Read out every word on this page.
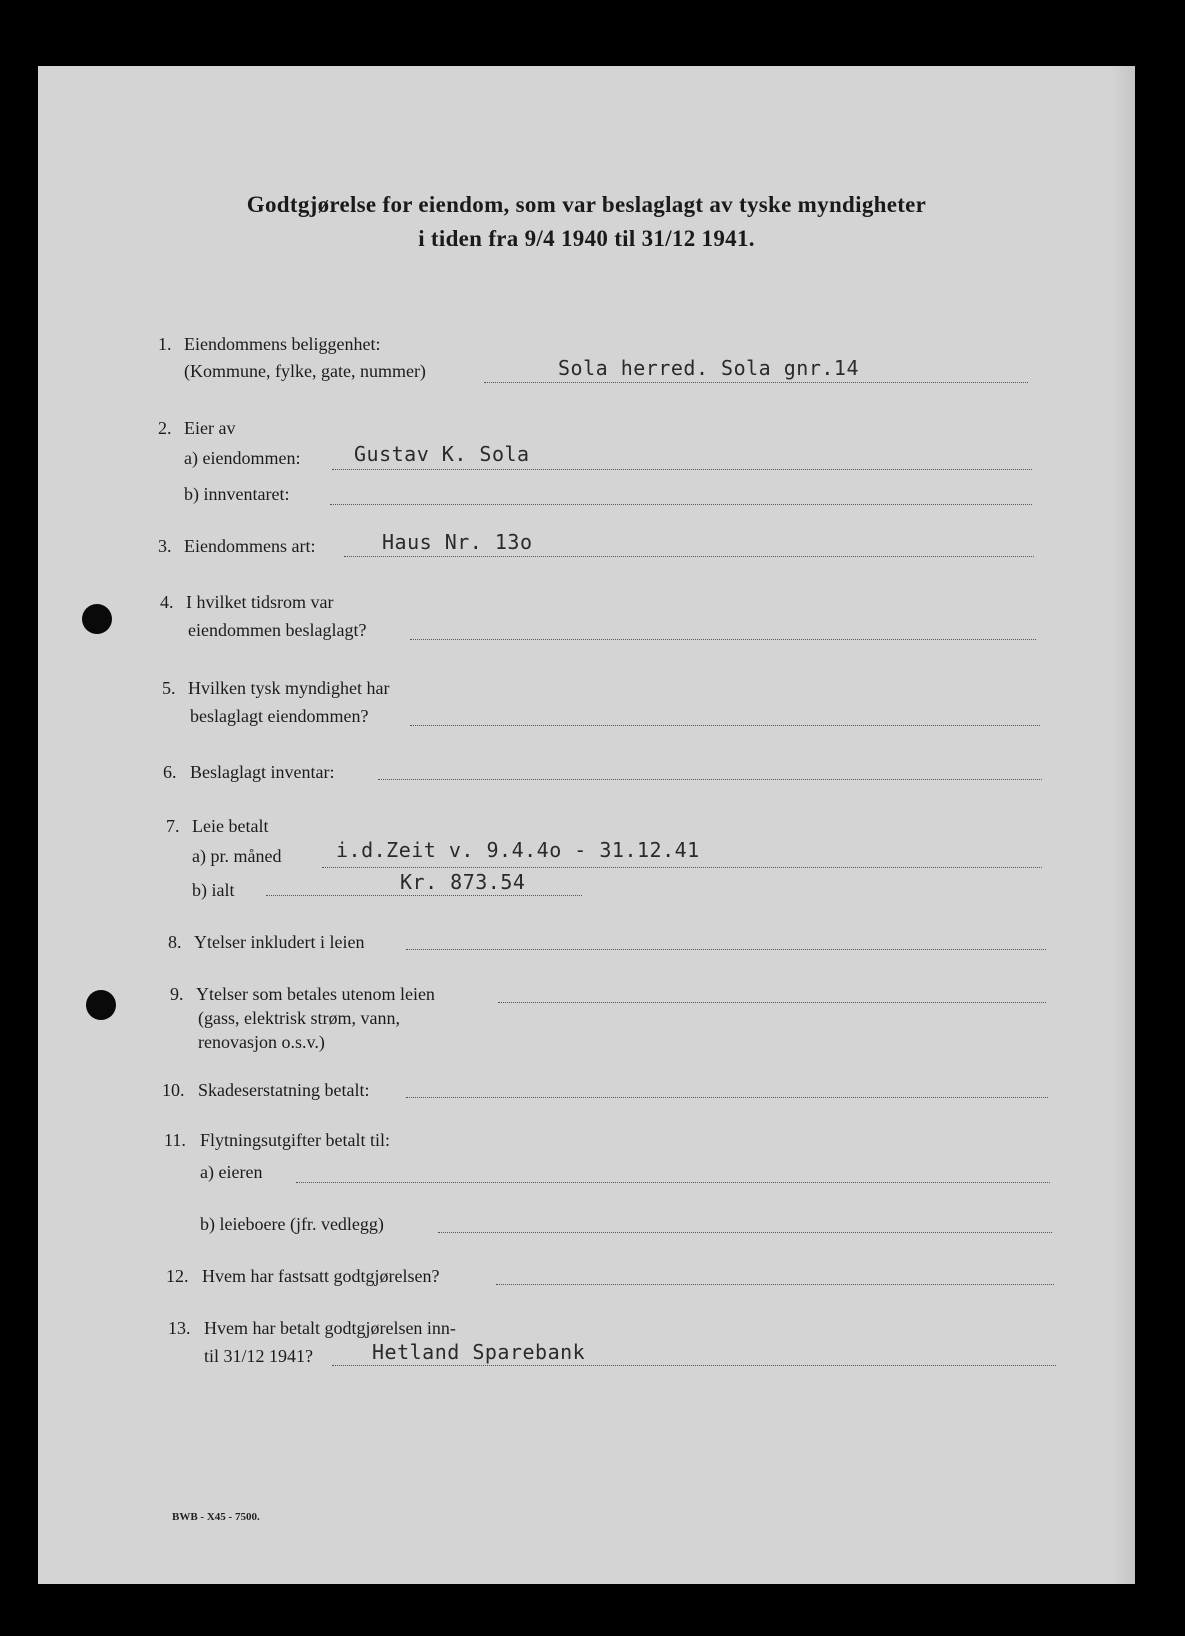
Godtgjørelse for eiendom, som var beslaglagt av tyske myndigheter
i tiden fra 9/4 1940 til 31/12 1941.
1. Eiendommens beliggenhet:
(Kommune, fylke, gate, nummer)	Sola herred. Sola gnr.14
2. Eier av
a) eiendommen:	Gustav K. Sola
b) innventaret:
3. Eiendommens art:	Haus Nr. 13o
4. I hvilket tidsrom var
eiendommen beslaglagt?
5. Hvilken tysk myndighet har
beslaglagt eiendommen?
6. Beslaglagt inventar:
7. Leie betalt
a) pr. måned	i.d.Zeit v. 9.4.4o - 31.12.41
b) ialt	Kr. 873.54
8. Ytelser inkludert i leien
9. Ytelser som betales utenom leien
(gass, elektrisk strøm, vann,
renovasjon o.s.v.)
10. Skadeserstatning betalt:
11. Flytningsutgifter betalt til:
a) eieren
b) leieboere (jfr. vedlegg)
12. Hvem har fastsatt godtgjørelsen?
13. Hvem har betalt godtgjørelsen inn-
til 31/12 1941?	Hetland Sparebank
BWB - X45 - 7500.
